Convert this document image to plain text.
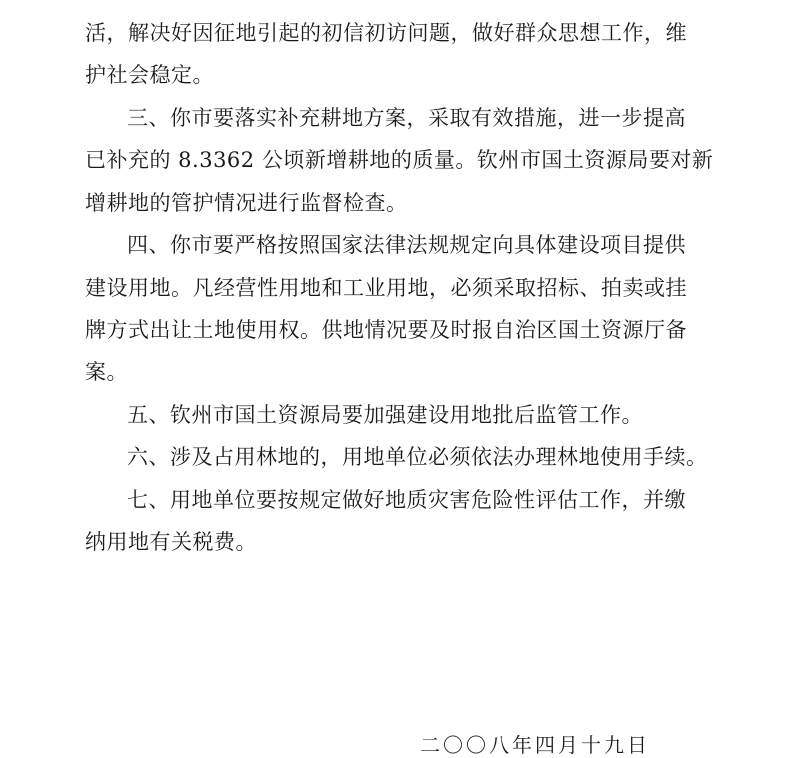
活，解决好因征地引起的初信初访问题，做好群众思想工作，维
护社会稳定。
三、你市要落实补充耕地方案，采取有效措施，进一步提高
已补充的 8.3362 公顷新增耕地的质量。钦州市国土资源局要对新
增耕地的管护情况进行监督检查。
四、你市要严格按照国家法律法规规定向具体建设项目提供
建设用地。凡经营性用地和工业用地，必须采取招标、拍卖或挂
牌方式出让土地使用权。供地情况要及时报自治区国土资源厅备
案。
五、钦州市国土资源局要加强建设用地批后监管工作。
六、涉及占用林地的，用地单位必须依法办理林地使用手续。
七、用地单位要按规定做好地质灾害危险性评估工作，并缴
纳用地有关税费。
二〇〇八年四月十九日
